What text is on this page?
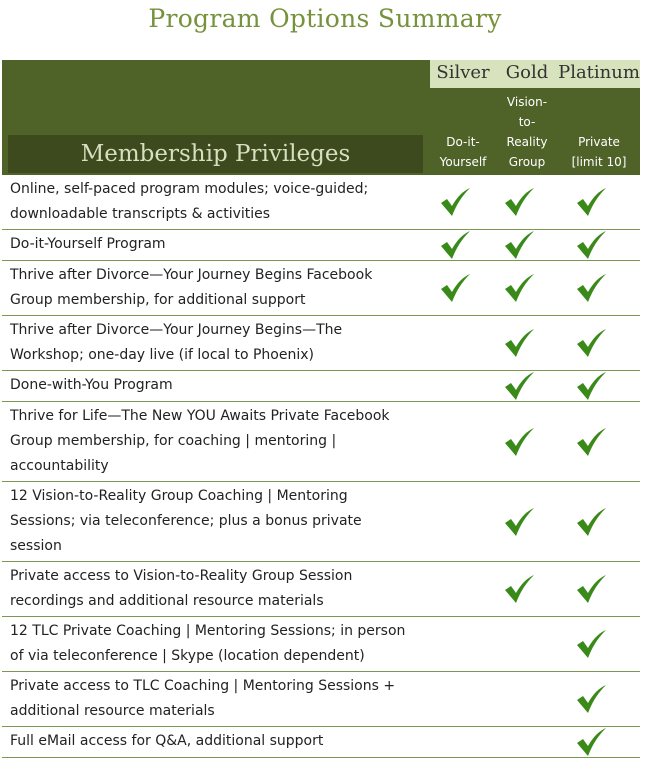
Program Options Summary
Silver Gold Platinum
Do-it-
Yourself
Vision-
to-
Reality
Group
Private
[limit 10]
Membership Privileges
Online, self-paced program modules; voice-guided; downloadable transcripts & activities
Do-it-Yourself Program
Thrive after Divorce—Your Journey Begins Facebook Group membership, for additional support
Thrive after Divorce—Your Journey Begins—The Workshop; one-day live (if local to Phoenix)
Done-with-You Program
Thrive for Life—The New YOU Awaits Private Facebook Group membership, for coaching | mentoring | accountability
12 Vision-to-Reality Group Coaching | Mentoring Sessions; via teleconference; plus a bonus private session
Private access to Vision-to-Reality Group Session recordings and additional resource materials
12 TLC Private Coaching | Mentoring Sessions; in person of via teleconference | Skype (location dependent)
Private access to TLC Coaching | Mentoring Sessions + additional resource materials
Full eMail access for Q&A, additional support
